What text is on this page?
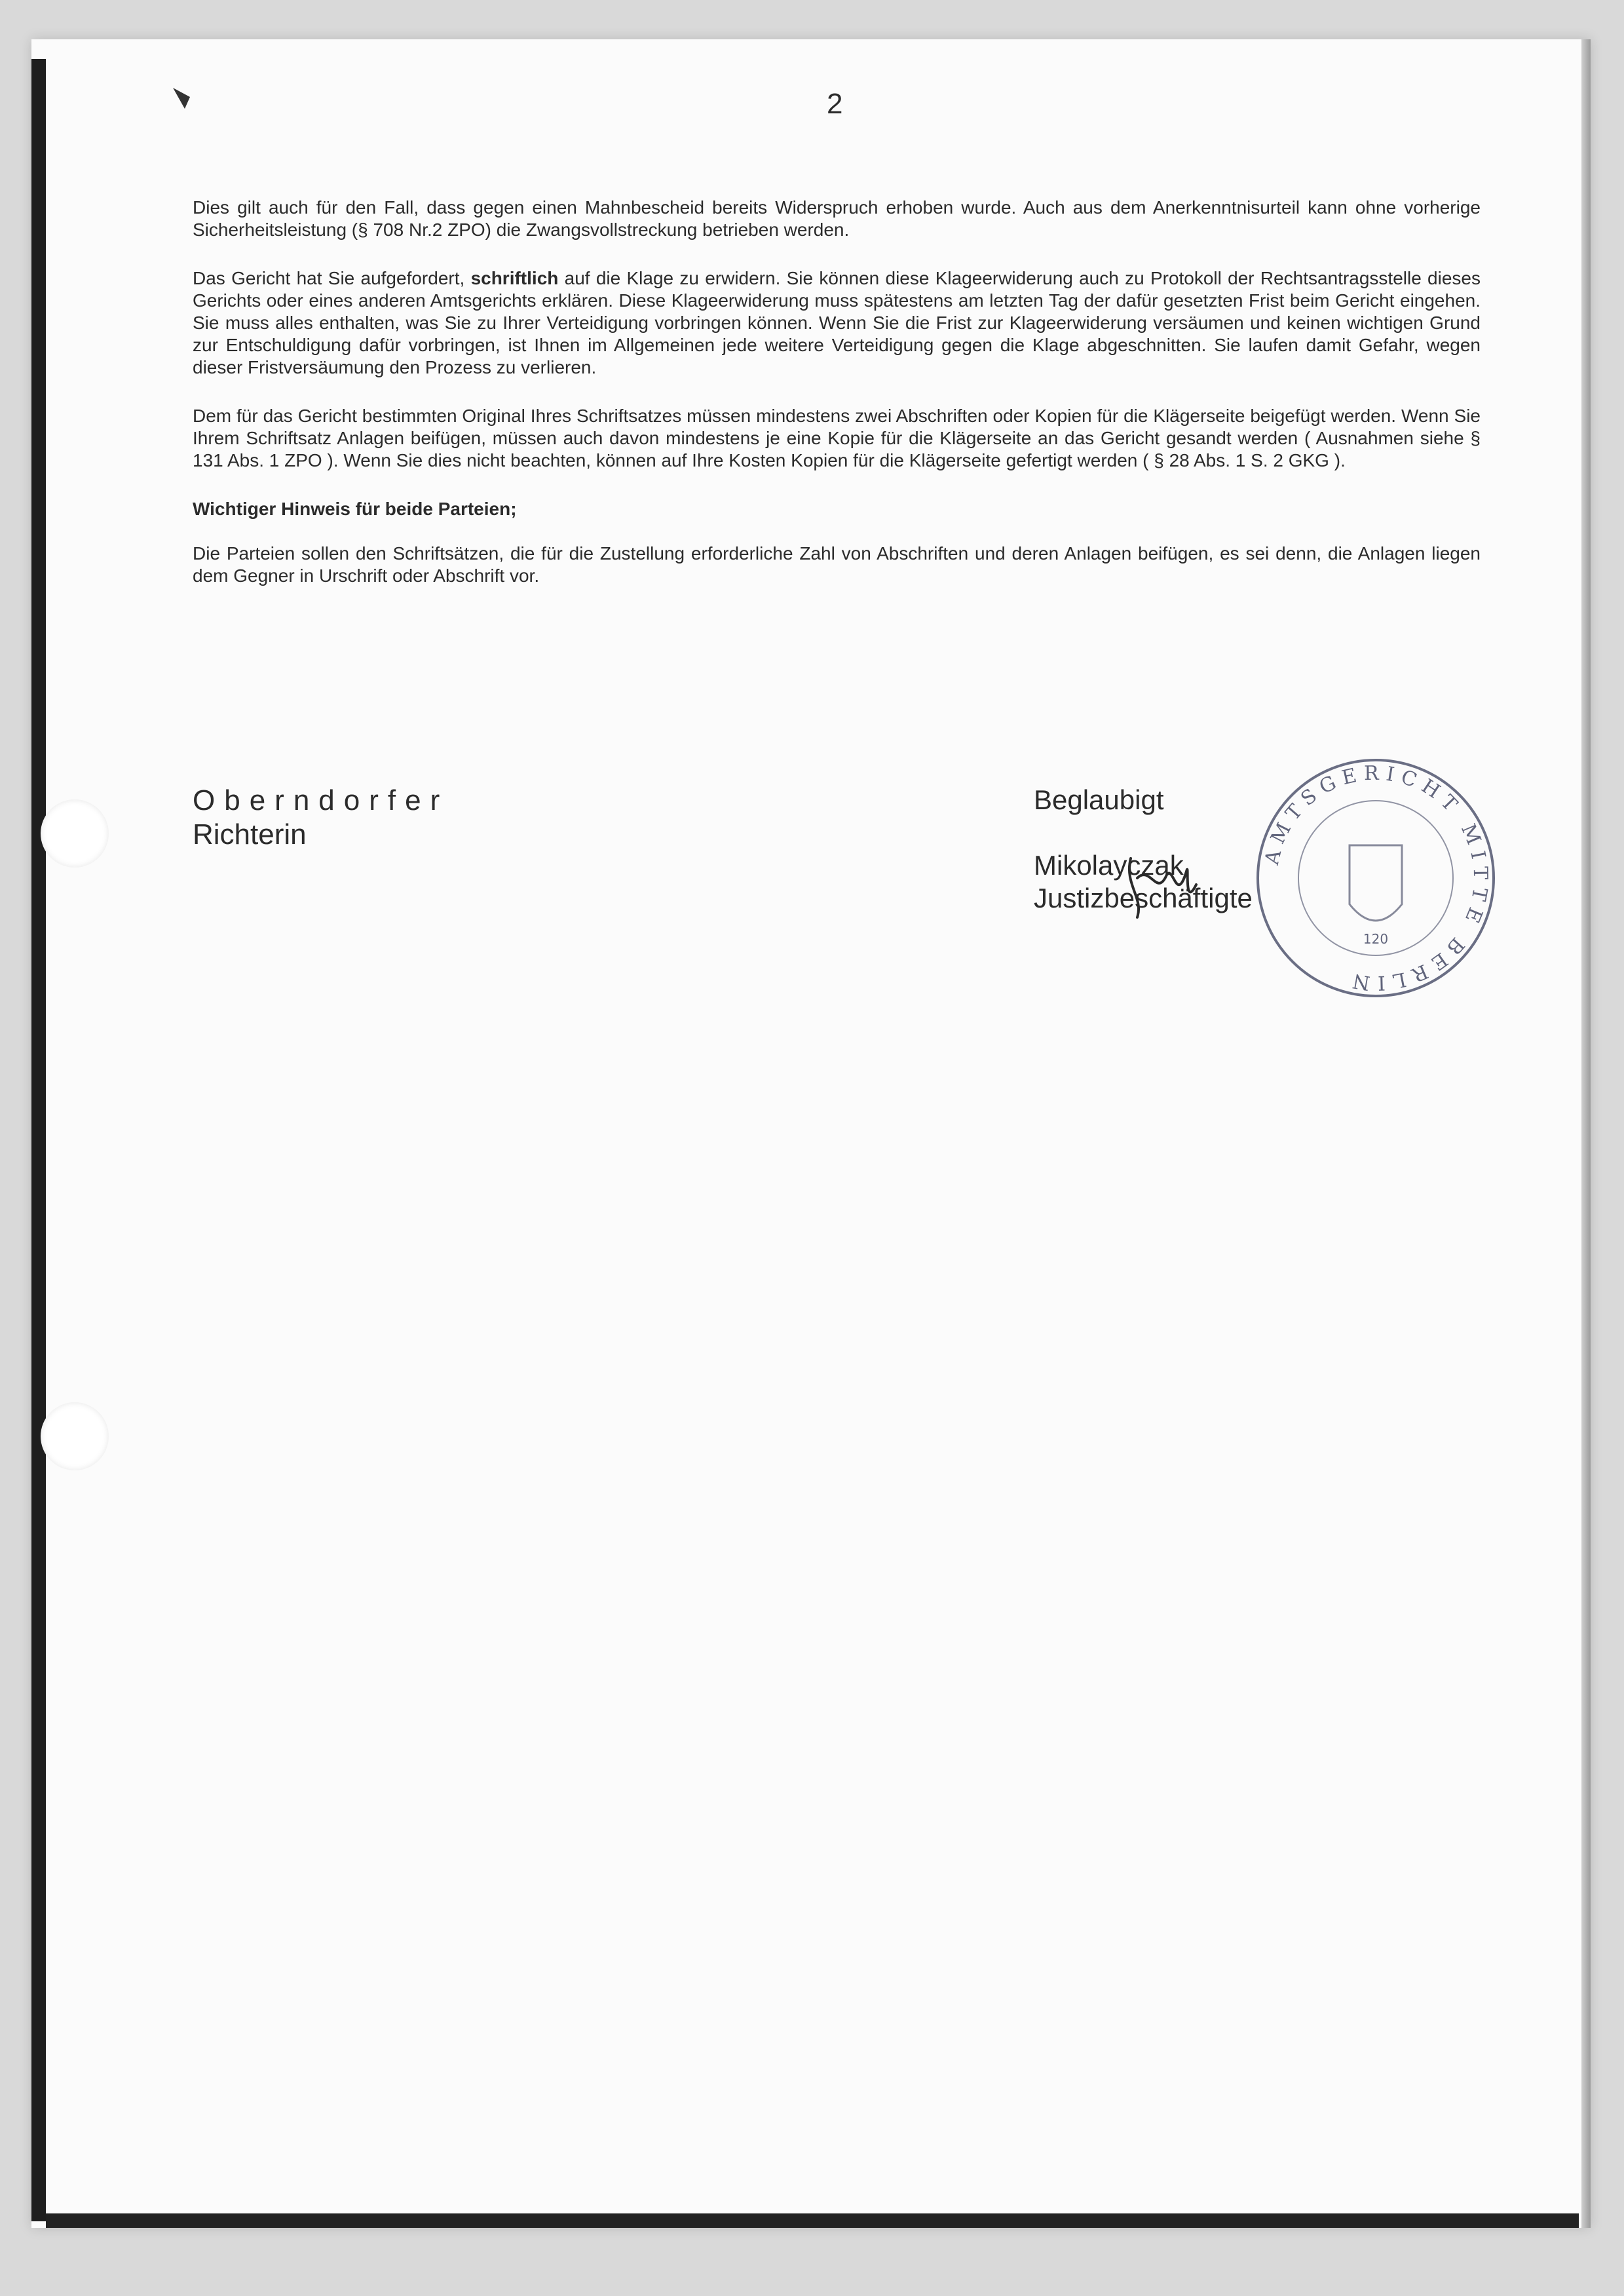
2

Dies gilt auch für den Fall, dass gegen einen Mahnbescheid bereits Widerspruch erhoben wurde. Auch aus dem Anerkenntnisurteil kann ohne vorherige Sicherheitsleistung (§ 708 Nr.2 ZPO) die Zwangsvollstreckung betrieben werden.

Das Gericht hat Sie aufgefordert, schriftlich auf die Klage zu erwidern. Sie können diese Klageerwiderung auch zu Protokoll der Rechtsantragsstelle dieses Gerichts oder eines anderen Amtsgerichts erklären. Diese Klageerwiderung muss spätestens am letzten Tag der dafür gesetzten Frist beim Gericht eingehen. Sie muss alles enthalten, was Sie zu Ihrer Verteidigung vorbringen können. Wenn Sie die Frist zur Klageerwiderung versäumen und keinen wichtigen Grund zur Entschuldigung dafür vorbringen, ist Ihnen im Allgemeinen jede weitere Verteidigung gegen die Klage abgeschnitten. Sie laufen damit Gefahr, wegen dieser Fristversäumung den Prozess zu verlieren.

Dem für das Gericht bestimmten Original Ihres Schriftsatzes müssen mindestens zwei Abschriften oder Kopien für die Klägerseite beigefügt werden. Wenn Sie Ihrem Schriftsatz Anlagen beifügen, müssen auch davon mindestens je eine Kopie für die Klägerseite an das Gericht gesandt werden ( Ausnahmen siehe § 131 Abs. 1 ZPO ). Wenn Sie dies nicht beachten, können auf Ihre Kosten Kopien für die Klägerseite gefertigt werden ( § 28 Abs. 1 S. 2 GKG ).

Wichtiger Hinweis für beide Parteien;

Die Parteien sollen den Schriftsätzen, die für die Zustellung erforderliche Zahl von Abschriften und deren Anlagen beifügen, es sei denn, die Anlagen liegen dem Gegner in Urschrift oder Abschrift vor.

Oberndorfer
Richterin
Beglaubigt
Mikolayczak
Justizbeschäftigte
AMTSGERICHT MITTE BERLIN
120
